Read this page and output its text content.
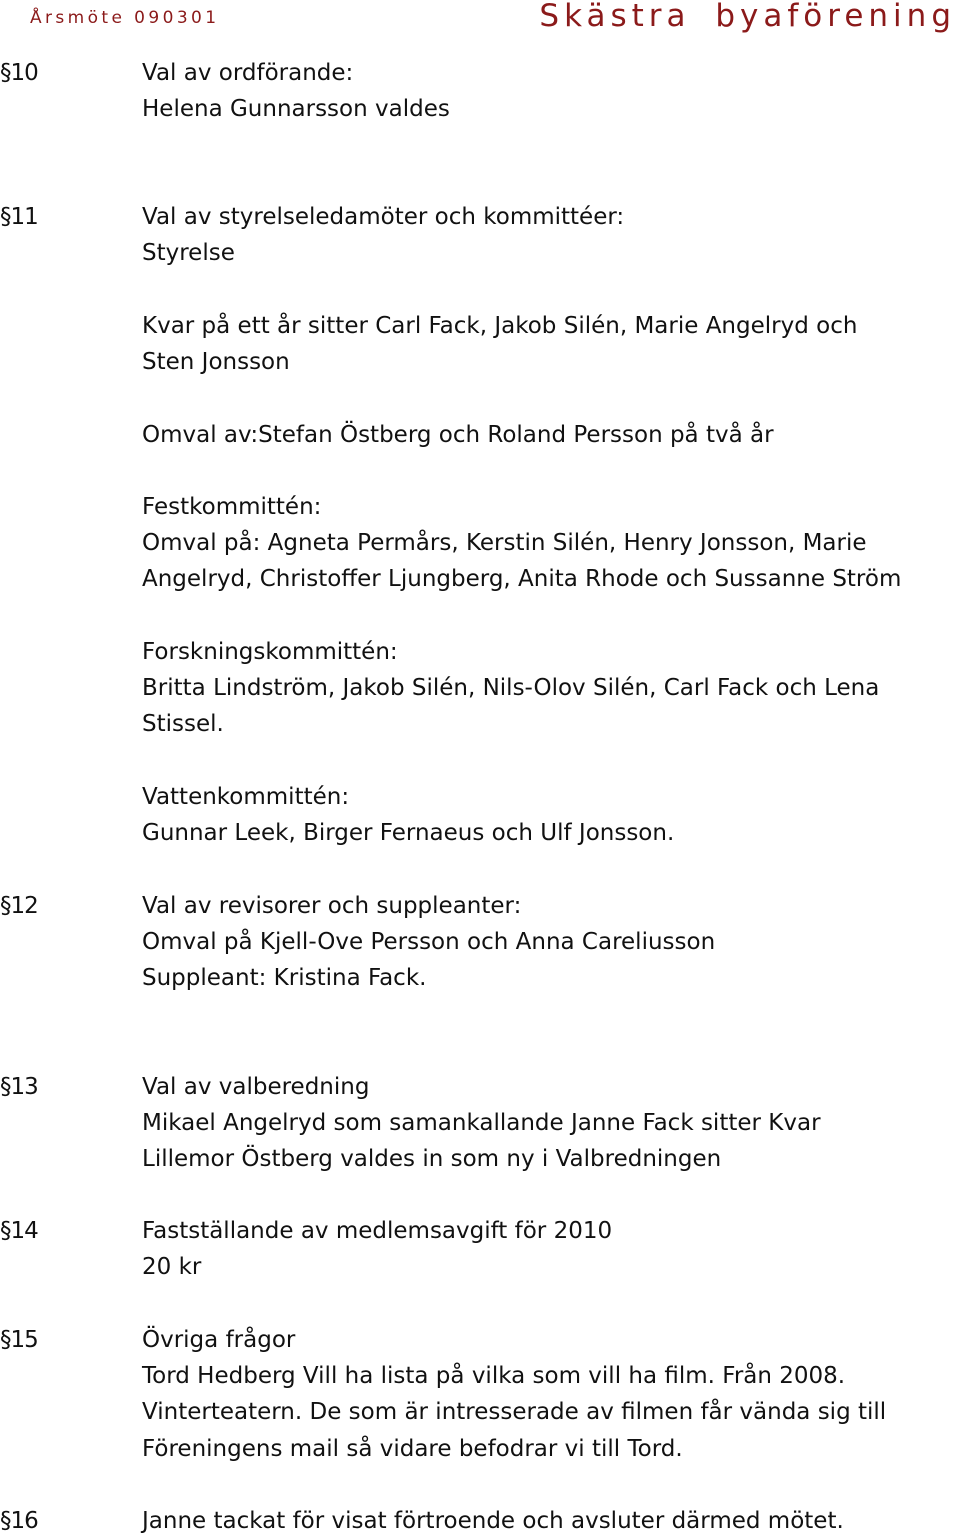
Årsmöte 090301	Skästra byaförening
§10	Val av ordförande:
Helena Gunnarsson valdes
§11	Val av styrelseledamöter och kommittéer:
Styrelse
Kvar på ett år sitter Carl Fack, Jakob Silén, Marie Angelryd och
Sten Jonsson
Omval av:Stefan Östberg och Roland Persson på två år
Festkommittén:
Omval på: Agneta Permårs, Kerstin Silén, Henry Jonsson, Marie
Angelryd, Christoffer Ljungberg, Anita Rhode och Sussanne Ström
Forskningskommittén:
Britta Lindström, Jakob Silén, Nils-Olov Silén, Carl Fack och Lena
Stissel.
Vattenkommittén:
Gunnar Leek, Birger Fernaeus och Ulf Jonsson.
§12	Val av revisorer och suppleanter:
Omval på Kjell-Ove Persson och Anna Careliusson
Suppleant: Kristina Fack.
§13	Val av valberedning
Mikael Angelryd som samankallande Janne Fack sitter Kvar
Lillemor Östberg valdes in som ny i Valbredningen
§14	Fastställande av medlemsavgift för 2010
20 kr
§15	Övriga frågor
Tord Hedberg Vill ha lista på vilka som vill ha film. Från 2008.
Vinterteatern. De som är intresserade av filmen får vända sig till
Föreningens mail så vidare befodrar vi till Tord.
§16	Janne tackat för visat förtroende och avsluter därmed mötet.
